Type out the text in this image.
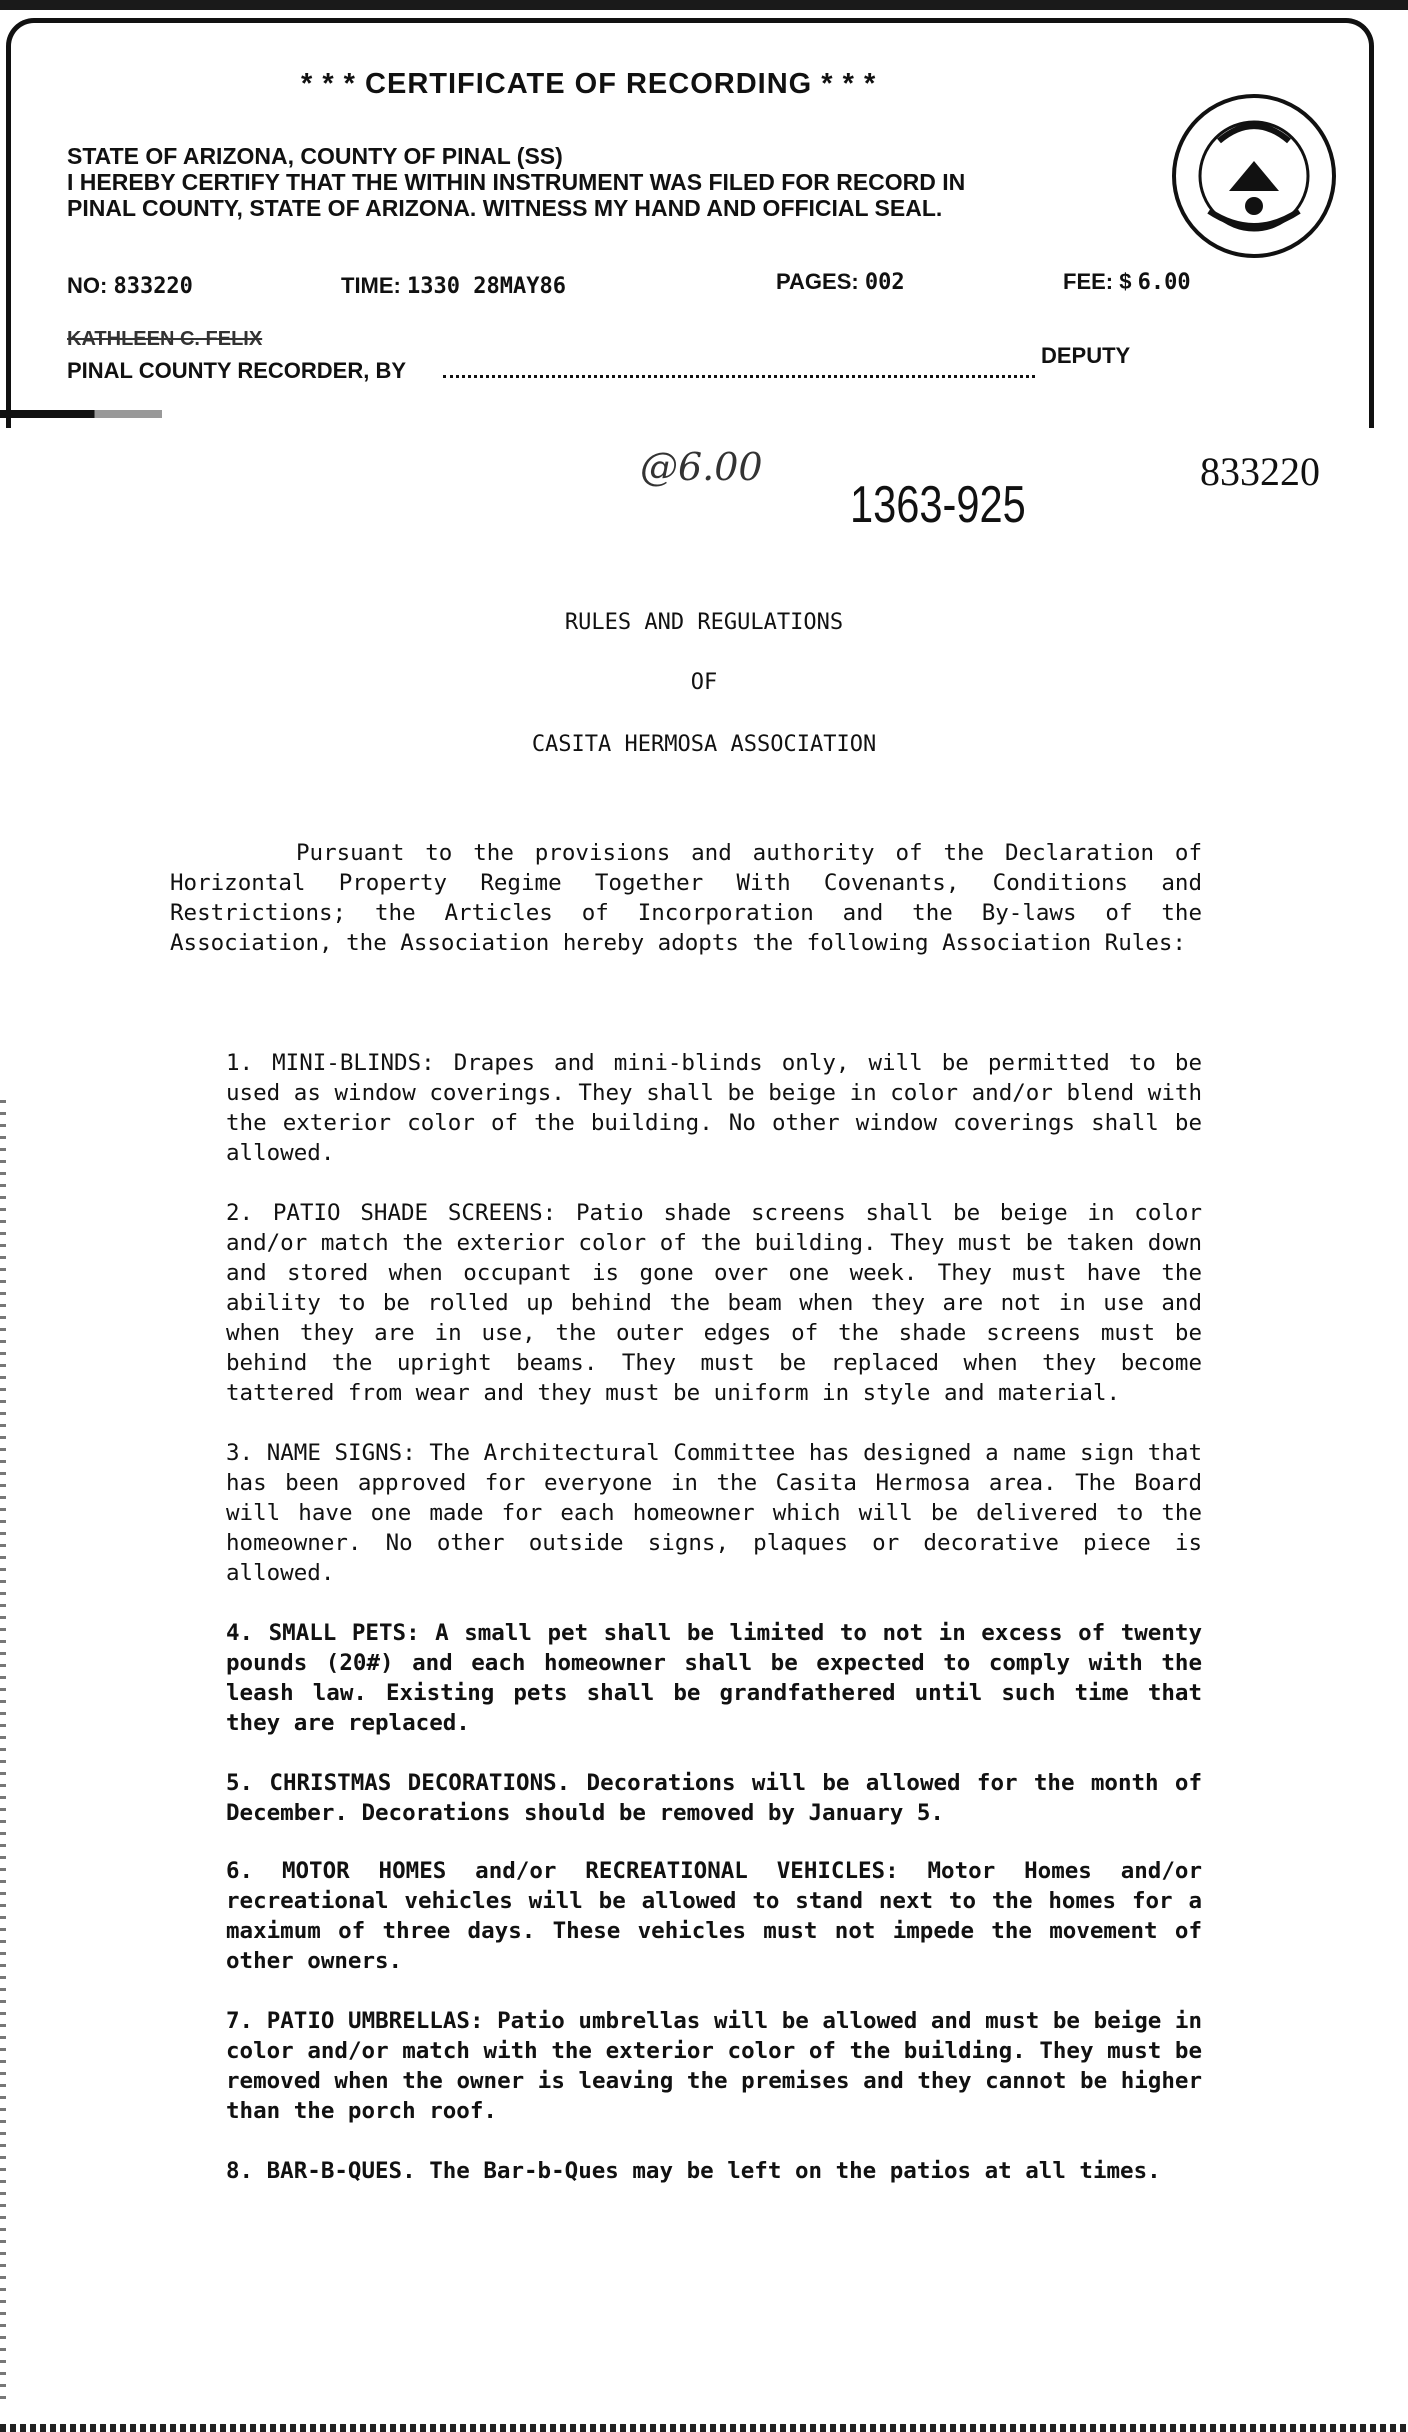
* * * CERTIFICATE OF RECORDING * * *
STATE OF ARIZONA, COUNTY OF PINAL (SS)
I HEREBY CERTIFY THAT THE WITHIN INSTRUMENT WAS FILED FOR RECORD IN
PINAL COUNTY, STATE OF ARIZONA. WITNESS MY HAND AND OFFICIAL SEAL.
NO: 833220	TIME: 1330 28MAY86	PAGES: 002	FEE: $ 6.00
KATHLEEN C. FELIX
PINAL COUNTY RECORDER, BY
DEPUTY
@6.00
1363-925
833220
RULES AND REGULATIONS
OF
CASITA HERMOSA ASSOCIATION

Pursuant to the provisions and authority of the Declaration of Horizontal Property Regime Together With Covenants, Conditions and Restrictions; the Articles of Incorporation and the By-laws of the Association, the Association hereby adopts the following Association Rules:

1. MINI-BLINDS: Drapes and mini-blinds only, will be permitted to be used as window coverings. They shall be beige in color and/or blend with the exterior color of the building. No other window coverings shall be allowed.

2. PATIO SHADE SCREENS: Patio shade screens shall be beige in color and/or match the exterior color of the building. They must be taken down and stored when occupant is gone over one week. They must have the ability to be rolled up behind the beam when they are not in use and when they are in use, the outer edges of the shade screens must be behind the upright beams. They must be replaced when they become tattered from wear and they must be uniform in style and material.

3. NAME SIGNS: The Architectural Committee has designed a name sign that has been approved for everyone in the Casita Hermosa area. The Board will have one made for each homeowner which will be delivered to the homeowner. No other outside signs, plaques or decorative piece is allowed.

4. SMALL PETS: A small pet shall be limited to not in excess of twenty pounds (20#) and each homeowner shall be expected to comply with the leash law. Existing pets shall be grandfathered until such time that they are replaced.

5. CHRISTMAS DECORATIONS. Decorations will be allowed for the month of December. Decorations should be removed by January 5.

6. MOTOR HOMES and/or RECREATIONAL VEHICLES: Motor Homes and/or recreational vehicles will be allowed to stand next to the homes for a maximum of three days. These vehicles must not impede the movement of other owners.

7. PATIO UMBRELLAS: Patio umbrellas will be allowed and must be beige in color and/or match with the exterior color of the building. They must be removed when the owner is leaving the premises and they cannot be higher than the porch roof.

8. BAR-B-QUES. The Bar-b-Ques may be left on the patios at all times.
